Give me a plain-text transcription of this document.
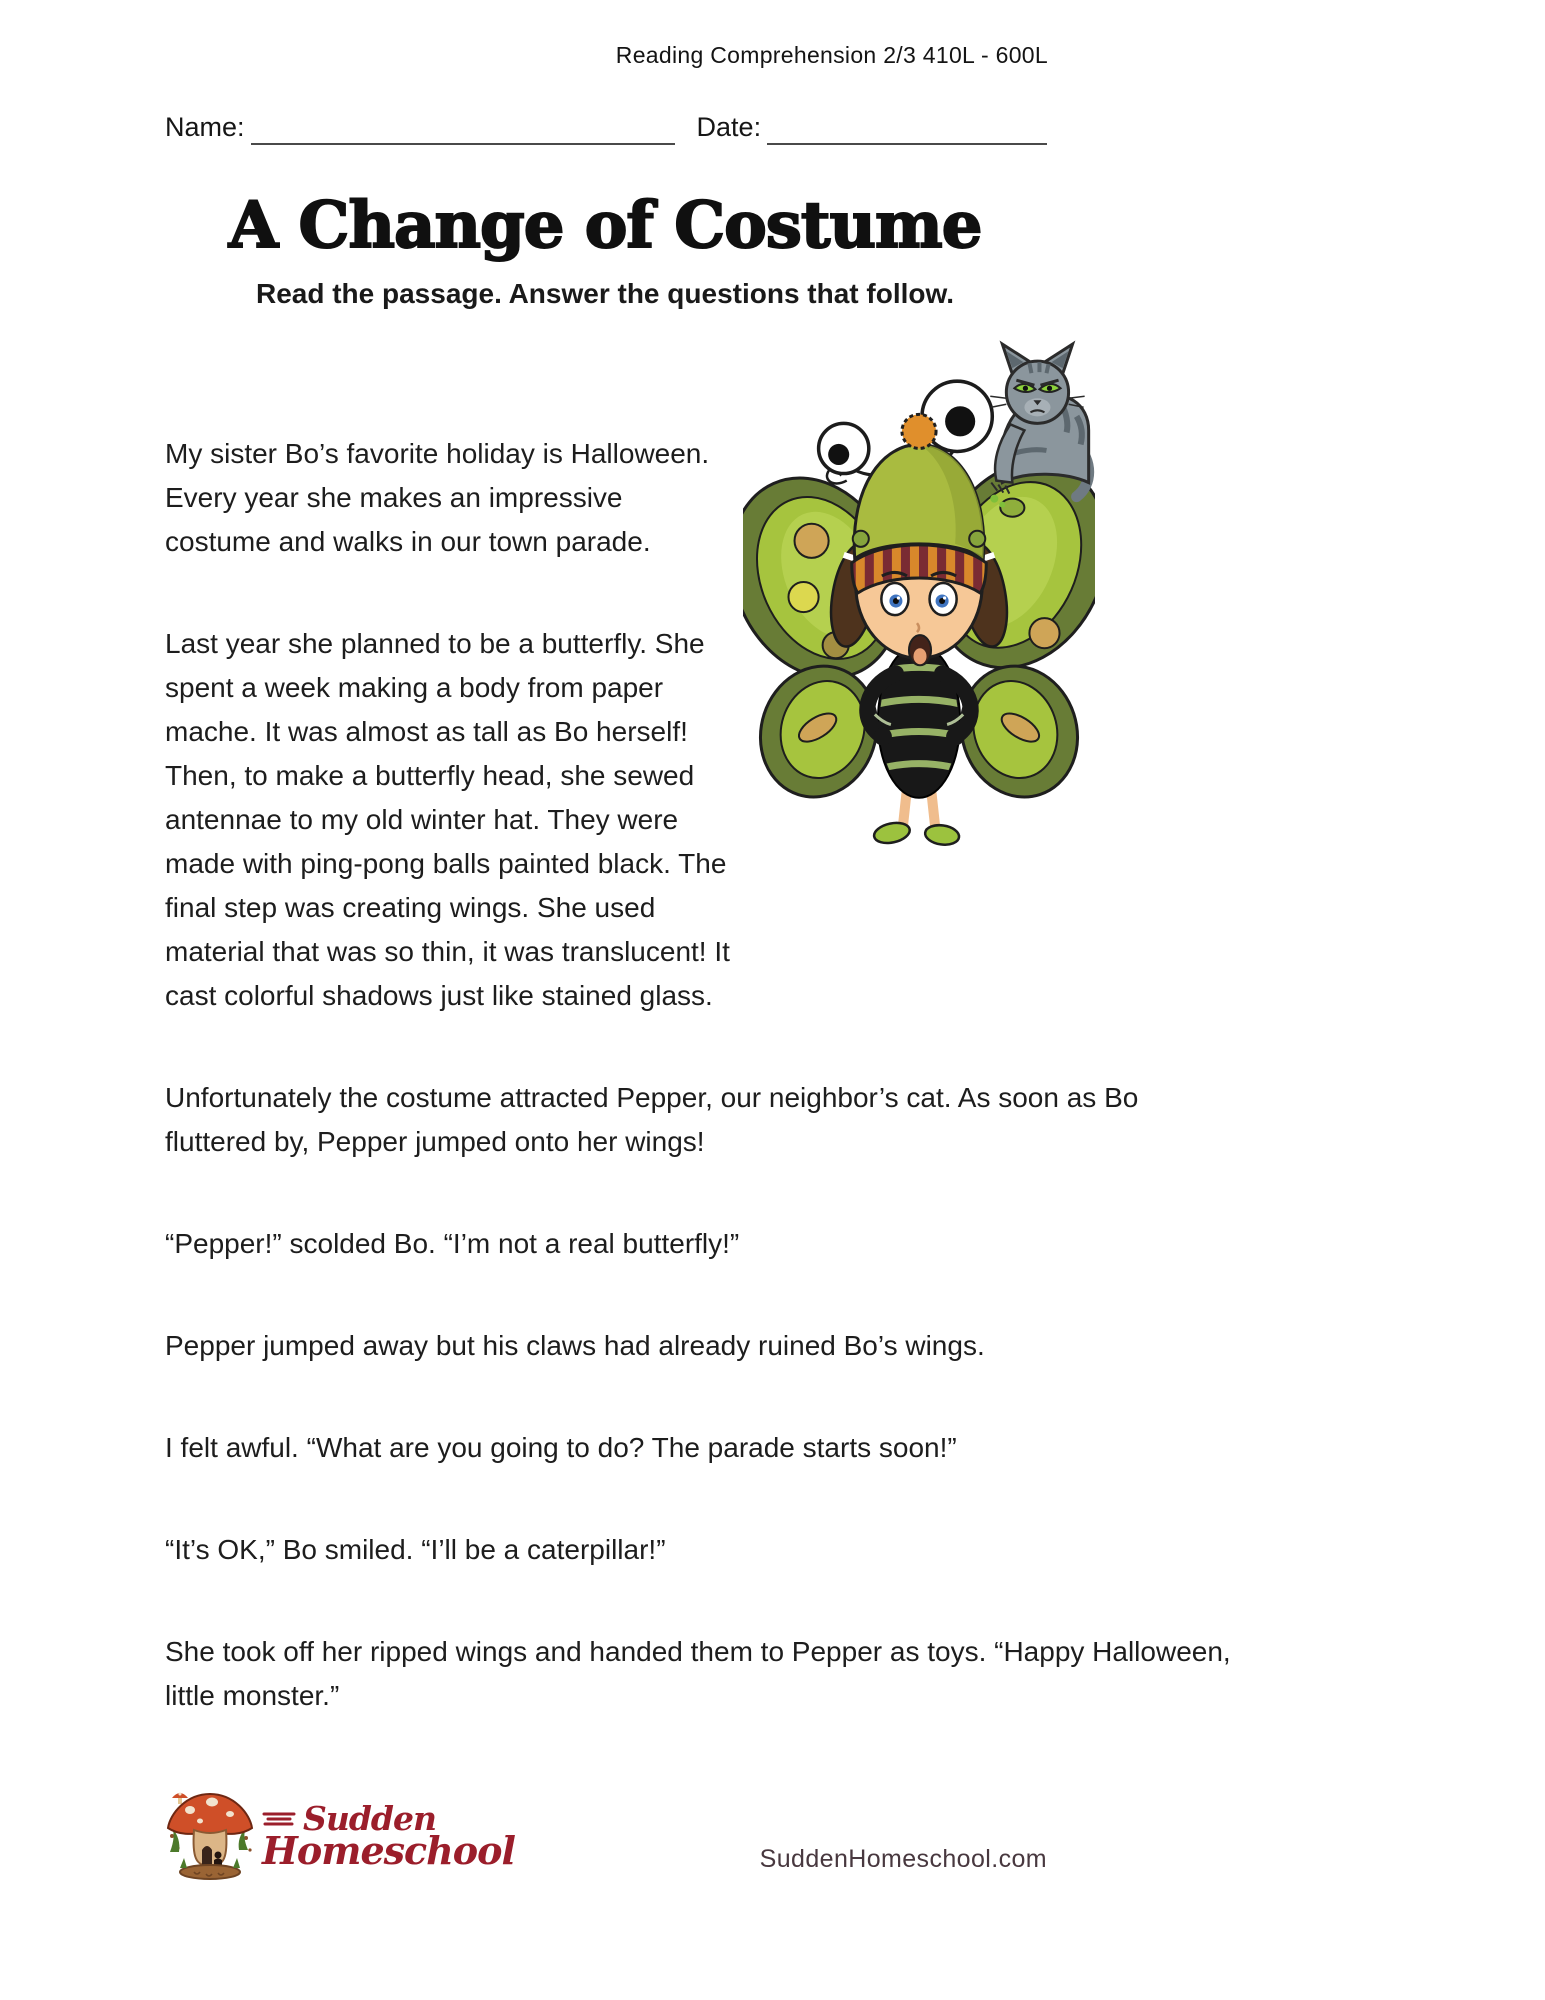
Reading Comprehension 2/3 410L - 600L
Name:	Date:
A Change of Costume
Read the passage. Answer the questions that follow.

My sister Bo’s favorite holiday is Halloween. Every year she makes an impressive costume and walks in our town parade.

Last year she planned to be a butterfly. She spent a week making a body from paper mache. It was almost as tall as Bo herself! Then, to make a butterfly head, she sewed antennae to my old winter hat. They were made with ping-pong balls painted black. The final step was creating wings. She used material that was so thin, it was translucent! It cast colorful shadows just like stained glass.

Unfortunately the costume attracted Pepper, our neighbor’s cat. As soon as Bo fluttered by, Pepper jumped onto her wings!

“Pepper!” scolded Bo. “I’m not a real butterfly!”

Pepper jumped away but his claws had already ruined Bo’s wings.

I felt awful. “What are you going to do? The parade starts soon!”

“It’s OK,” Bo smiled. “I’ll be a caterpillar!”

She took off her ripped wings and handed them to Pepper as toys. “Happy Halloween, little monster.”

Sudden
Homeschool	SuddenHomeschool.com
